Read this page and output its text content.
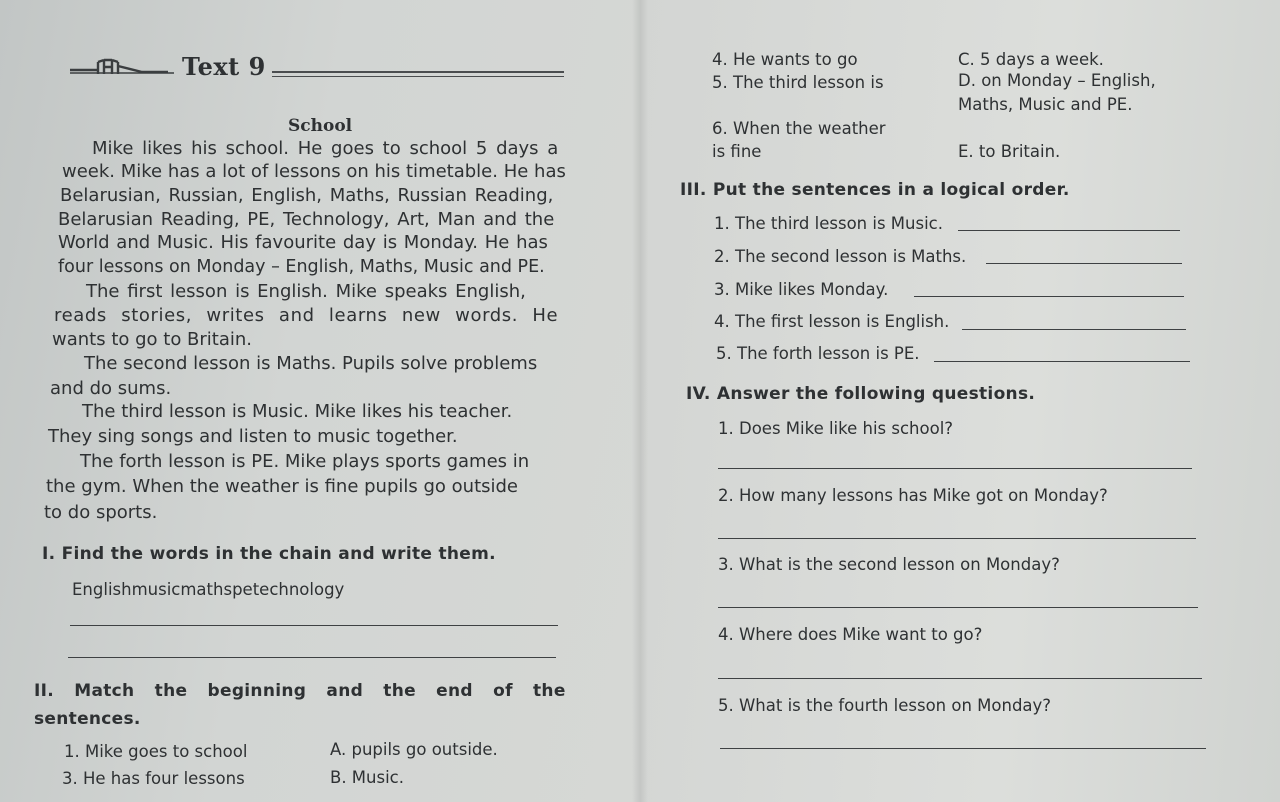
Text 9
School
Mike likes his school. He goes to school 5 days a
week. Mike has a lot of lessons on his timetable. He has
Belarusian, Russian, English, Maths, Russian Reading,
Belarusian Reading, PE, Technology, Art, Man and the
World and Music. His favourite day is Monday. He has
four lessons on Monday – English, Maths, Music and PE.
The first lesson is English. Mike speaks English,
reads stories, writes and learns new words. He
wants to go to Britain.
The second lesson is Maths. Pupils solve problems
and do sums.
The third lesson is Music. Mike likes his teacher.
They sing songs and listen to music together.
The forth lesson is PE. Mike plays sports games in
the gym. When the weather is fine pupils go outside
to do sports.
I. Find the words in the chain and write them.
Englishmusicmathspetechnology
II. Match the beginning and the end of the
sentences.
1. Mike goes to school
3. He has four lessons
A. pupils go outside.
B. Music.
4. He wants to go
5. The third lesson is
6. When the weather
is fine
C. 5 days a week.
D. on Monday – English,
Maths, Music and PE.
E. to Britain.
III. Put the sentences in a logical order.
1. The third lesson is Music.
2. The second lesson is Maths.
3. Mike likes Monday.
4. The first lesson is English.
5. The forth lesson is PE.
IV. Answer the following questions.
1. Does Mike like his school?
2. How many lessons has Mike got on Monday?
3. What is the second lesson on Monday?
4. Where does Mike want to go?
5. What is the fourth lesson on Monday?
